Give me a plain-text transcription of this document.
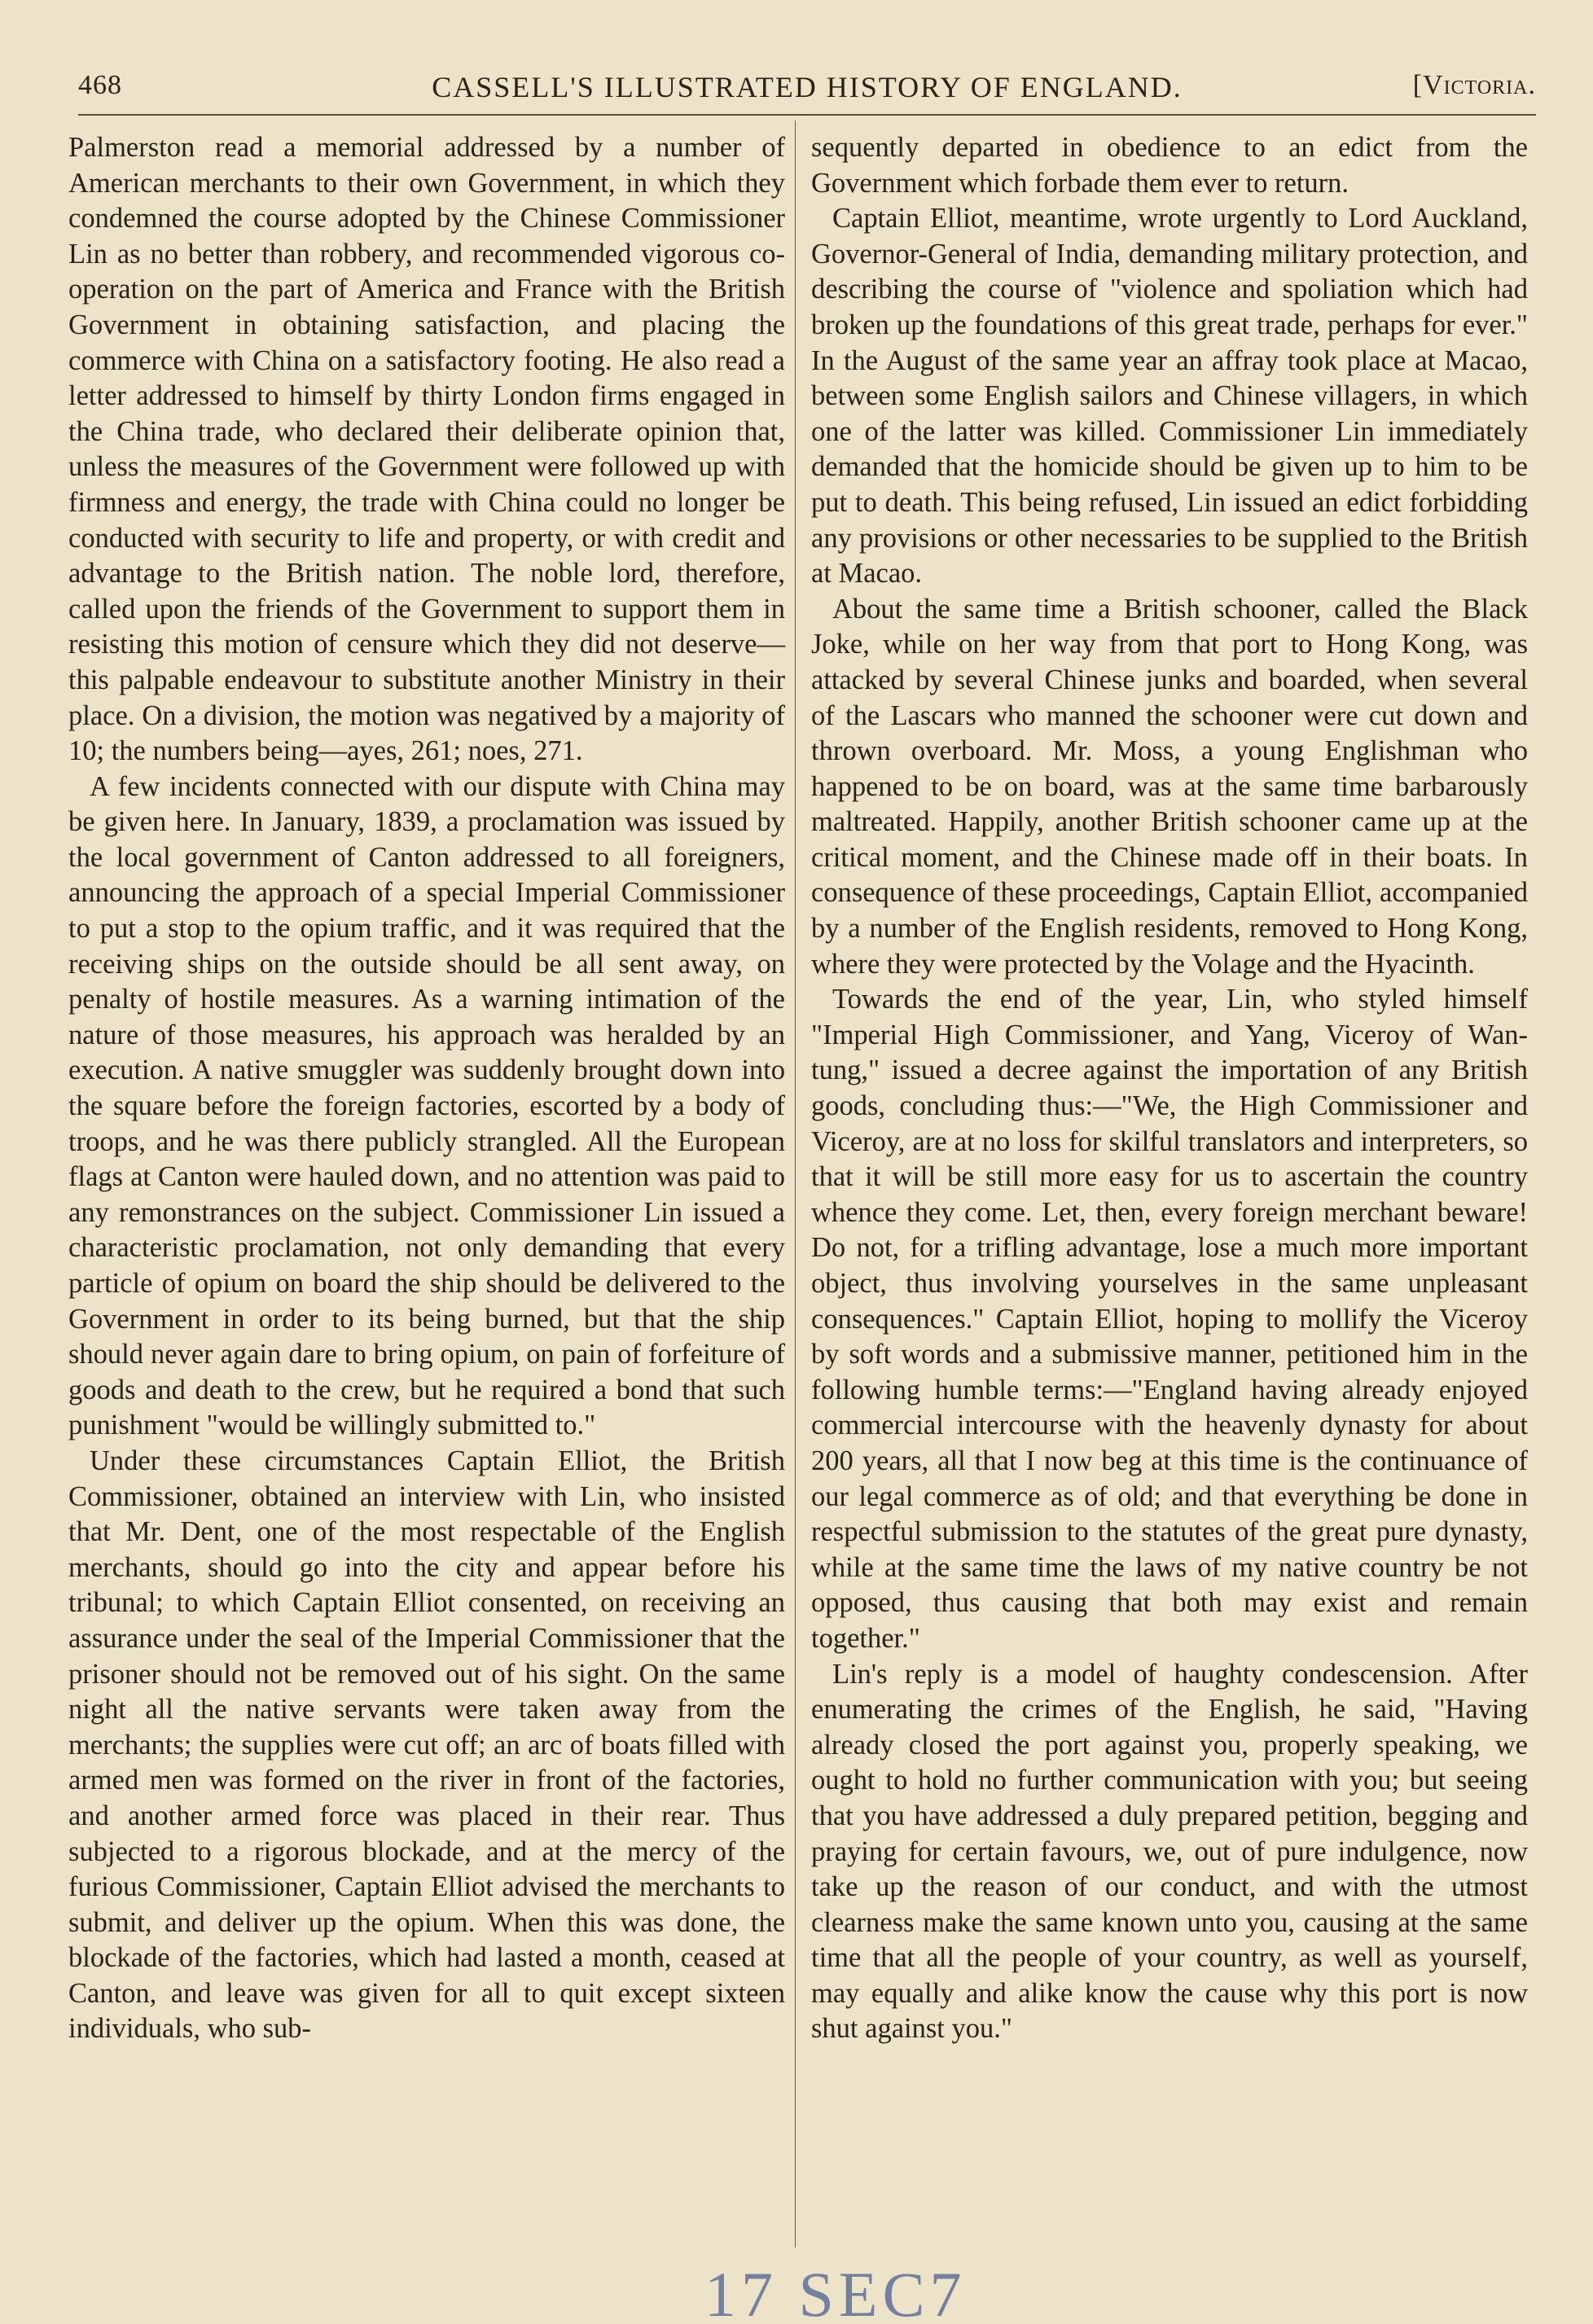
468	CASSELL'S ILLUSTRATED HISTORY OF ENGLAND.	[Victoria.

Palmerston read a memorial addressed by a number of American merchants to their own Government, in which they condemned the course adopted by the Chinese Commissioner Lin as no better than robbery, and recommended vigorous co-operation on the part of America and France with the British Government in obtaining satisfaction, and placing the commerce with China on a satisfactory footing. He also read a letter addressed to himself by thirty London firms engaged in the China trade, who declared their deliberate opinion that, unless the measures of the Government were followed up with firmness and energy, the trade with China could no longer be conducted with security to life and property, or with credit and advantage to the British nation. The noble lord, therefore, called upon the friends of the Government to support them in resisting this motion of censure which they did not deserve—this palpable endeavour to substitute another Ministry in their place. On a division, the motion was negatived by a majority of 10; the numbers being—ayes, 261; noes, 271.

A few incidents connected with our dispute with China may be given here. In January, 1839, a proclamation was issued by the local government of Canton addressed to all foreigners, announcing the approach of a special Imperial Commissioner to put a stop to the opium traffic, and it was required that the receiving ships on the outside should be all sent away, on penalty of hostile measures. As a warning intimation of the nature of those measures, his approach was heralded by an execution. A native smuggler was suddenly brought down into the square before the foreign factories, escorted by a body of troops, and he was there publicly strangled. All the European flags at Canton were hauled down, and no attention was paid to any remonstrances on the subject. Commissioner Lin issued a characteristic proclamation, not only demanding that every particle of opium on board the ship should be delivered to the Government in order to its being burned, but that the ship should never again dare to bring opium, on pain of forfeiture of goods and death to the crew, but he required a bond that such punishment "would be willingly submitted to."

Under these circumstances Captain Elliot, the British Commissioner, obtained an interview with Lin, who insisted that Mr. Dent, one of the most respectable of the English merchants, should go into the city and appear before his tribunal; to which Captain Elliot consented, on receiving an assurance under the seal of the Imperial Commissioner that the prisoner should not be removed out of his sight. On the same night all the native servants were taken away from the merchants; the supplies were cut off; an arc of boats filled with armed men was formed on the river in front of the factories, and another armed force was placed in their rear. Thus subjected to a rigorous blockade, and at the mercy of the furious Commissioner, Captain Elliot advised the merchants to submit, and deliver up the opium. When this was done, the blockade of the factories, which had lasted a month, ceased at Canton, and leave was given for all to quit except sixteen individuals, who sub-

sequently departed in obedience to an edict from the Government which forbade them ever to return.

Captain Elliot, meantime, wrote urgently to Lord Auckland, Governor-General of India, demanding military protection, and describing the course of "violence and spoliation which had broken up the foundations of this great trade, perhaps for ever." In the August of the same year an affray took place at Macao, between some English sailors and Chinese villagers, in which one of the latter was killed. Commissioner Lin immediately demanded that the homicide should be given up to him to be put to death. This being refused, Lin issued an edict forbidding any provisions or other necessaries to be supplied to the British at Macao.

About the same time a British schooner, called the Black Joke, while on her way from that port to Hong Kong, was attacked by several Chinese junks and boarded, when several of the Lascars who manned the schooner were cut down and thrown overboard. Mr. Moss, a young Englishman who happened to be on board, was at the same time barbarously maltreated. Happily, another British schooner came up at the critical moment, and the Chinese made off in their boats. In consequence of these proceedings, Captain Elliot, accompanied by a number of the English residents, removed to Hong Kong, where they were protected by the Volage and the Hyacinth.

Towards the end of the year, Lin, who styled himself "Imperial High Commissioner, and Yang, Viceroy of Wan-tung," issued a decree against the importation of any British goods, concluding thus:—"We, the High Commissioner and Viceroy, are at no loss for skilful translators and interpreters, so that it will be still more easy for us to ascertain the country whence they come. Let, then, every foreign merchant beware! Do not, for a trifling advantage, lose a much more important object, thus involving yourselves in the same unpleasant consequences." Captain Elliot, hoping to mollify the Viceroy by soft words and a submissive manner, petitioned him in the following humble terms:—"England having already enjoyed commercial intercourse with the heavenly dynasty for about 200 years, all that I now beg at this time is the continuance of our legal commerce as of old; and that everything be done in respectful submission to the statutes of the great pure dynasty, while at the same time the laws of my native country be not opposed, thus causing that both may exist and remain together."

Lin's reply is a model of haughty condescension. After enumerating the crimes of the English, he said, "Having already closed the port against you, properly speaking, we ought to hold no further communication with you; but seeing that you have addressed a duly prepared petition, begging and praying for certain favours, we, out of pure indulgence, now take up the reason of our conduct, and with the utmost clearness make the same known unto you, causing at the same time that all the people of your country, as well as yourself, may equally and alike know the cause why this port is now shut against you."

17 SEC7
